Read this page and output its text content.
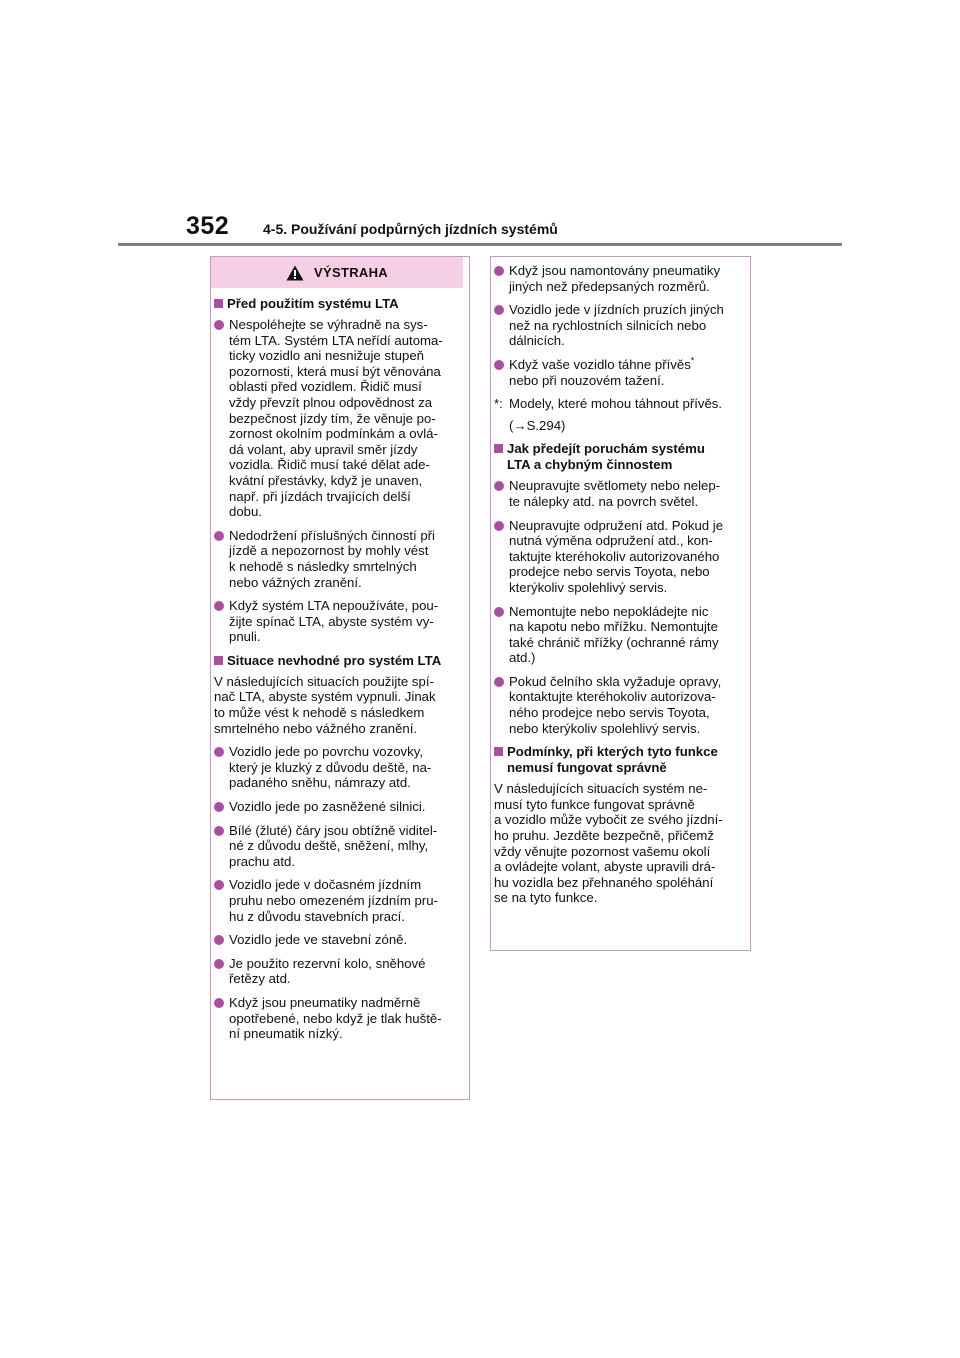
352 4-5. Používání podpůrných jízdních systémů
VÝSTRAHA
Před použitím systému LTA
Nespoléhejte se výhradně na sys-
tém LTA. Systém LTA neřídí automa-
ticky vozidlo ani nesnižuje stupeň
pozornosti, která musí být věnována
oblasti před vozidlem. Řidič musí
vždy převzít plnou odpovědnost za
bezpečnost jízdy tím, že věnuje po-
zornost okolním podmínkám a ovlá-
dá volant, aby upravil směr jízdy
vozidla. Řidič musí také dělat ade-
kvátní přestávky, když je unaven,
např. při jízdách trvajících delší
dobu.
Nedodržení příslušných činností při
jízdě a nepozornost by mohly vést
k nehodě s následky smrtelných
nebo vážných zranění.
Když systém LTA nepoužíváte, pou-
žijte spínač LTA, abyste systém vy-
pnuli.
Situace nevhodné pro systém LTA
V následujících situacích použijte spí-
nač LTA, abyste systém vypnuli. Jinak
to může vést k nehodě s následkem
smrtelného nebo vážného zranění.
Vozidlo jede po povrchu vozovky,
který je kluzký z důvodu deště, na-
padaného sněhu, námrazy atd.
Vozidlo jede po zasněžené silnici.
Bílé (žluté) čáry jsou obtížně viditel-
né z důvodu deště, sněžení, mlhy,
prachu atd.
Vozidlo jede v dočasném jízdním
pruhu nebo omezeném jízdním pru-
hu z důvodu stavebních prací.
Vozidlo jede ve stavební zóně.
Je použito rezervní kolo, sněhové
řetězy atd.
Když jsou pneumatiky nadměrně
opotřebené, nebo když je tlak huště-
ní pneumatik nízký.
Když jsou namontovány pneumatiky
jiných než předepsaných rozměrů.
Vozidlo jede v jízdních pruzích jiných
než na rychlostních silnicích nebo
dálnicích.
Když vaše vozidlo táhne přívěs*
nebo při nouzovém tažení.
*: Modely, které mohou táhnout přívěs.
(→S.294)
Jak předejít poruchám systému
LTA a chybným činnostem
Neupravujte světlomety nebo nelep-
te nálepky atd. na povrch světel.
Neupravujte odpružení atd. Pokud je
nutná výměna odpružení atd., kon-
taktujte kteréhokoliv autorizovaného
prodejce nebo servis Toyota, nebo
kterýkoliv spolehlivý servis.
Nemontujte nebo nepokládejte nic
na kapotu nebo mřížku. Nemontujte
také chránič mřížky (ochranné rámy
atd.)
Pokud čelního skla vyžaduje opravy,
kontaktujte kteréhokoliv autorizova-
ného prodejce nebo servis Toyota,
nebo kterýkoliv spolehlivý servis.
Podmínky, při kterých tyto funkce
nemusí fungovat správně
V následujících situacích systém ne-
musí tyto funkce fungovat správně
a vozidlo může vybočit ze svého jízdní-
ho pruhu. Jezděte bezpečně, přičemž
vždy věnujte pozornost vašemu okolí
a ovládejte volant, abyste upravili drá-
hu vozidla bez přehnaného spoléhání
se na tyto funkce.
